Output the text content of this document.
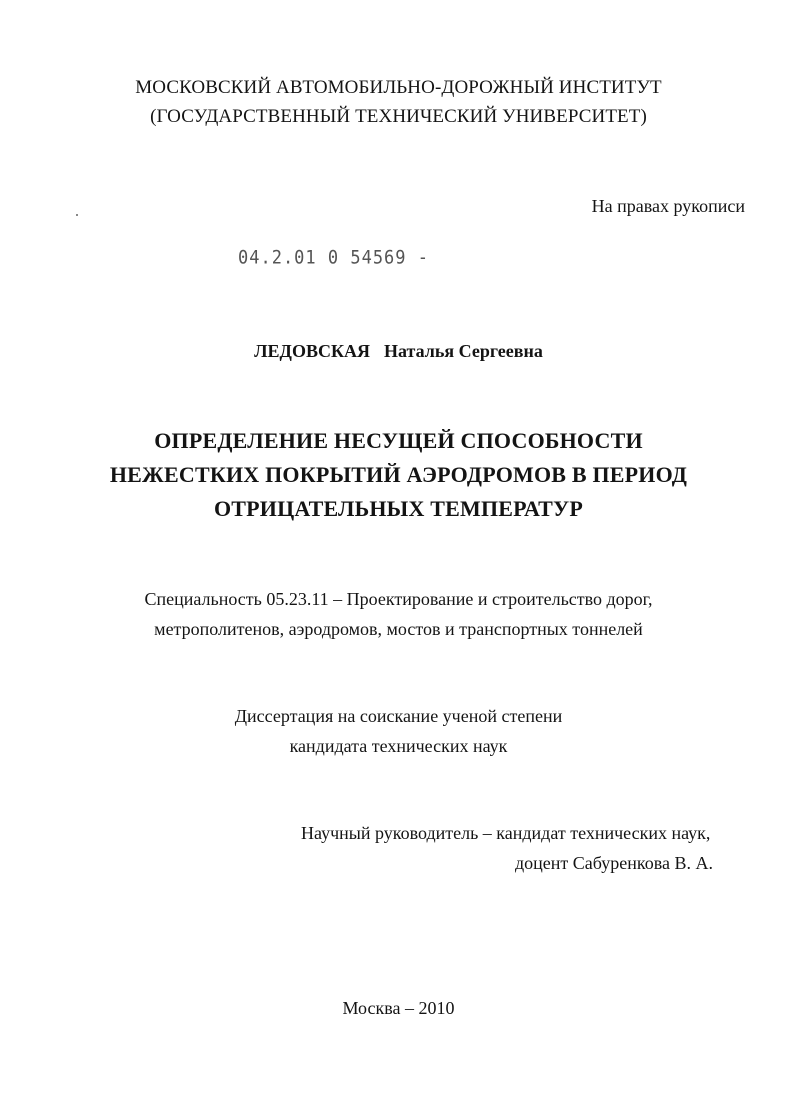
МОСКОВСКИЙ АВТОМОБИЛЬНО-ДОРОЖНЫЙ ИНСТИТУТ
(ГОСУДАРСТВЕННЫЙ ТЕХНИЧЕСКИЙ УНИВЕРСИТЕТ)
На правах рукописи
04.2.01 0 54569 -
ЛЕДОВСКАЯ Наталья Сергеевна
ОПРЕДЕЛЕНИЕ НЕСУЩЕЙ СПОСОБНОСТИ
НЕЖЕСТКИХ ПОКРЫТИЙ АЭРОДРОМОВ В ПЕРИОД
ОТРИЦАТЕЛЬНЫХ ТЕМПЕРАТУР
Специальность 05.23.11 – Проектирование и строительство дорог,
метрополитенов, аэродромов, мостов и транспортных тоннелей
Диссертация на соискание ученой степени
кандидата технических наук
Научный руководитель – кандидат технических наук,
доцент Сабуренкова В. А.
Москва – 2010
